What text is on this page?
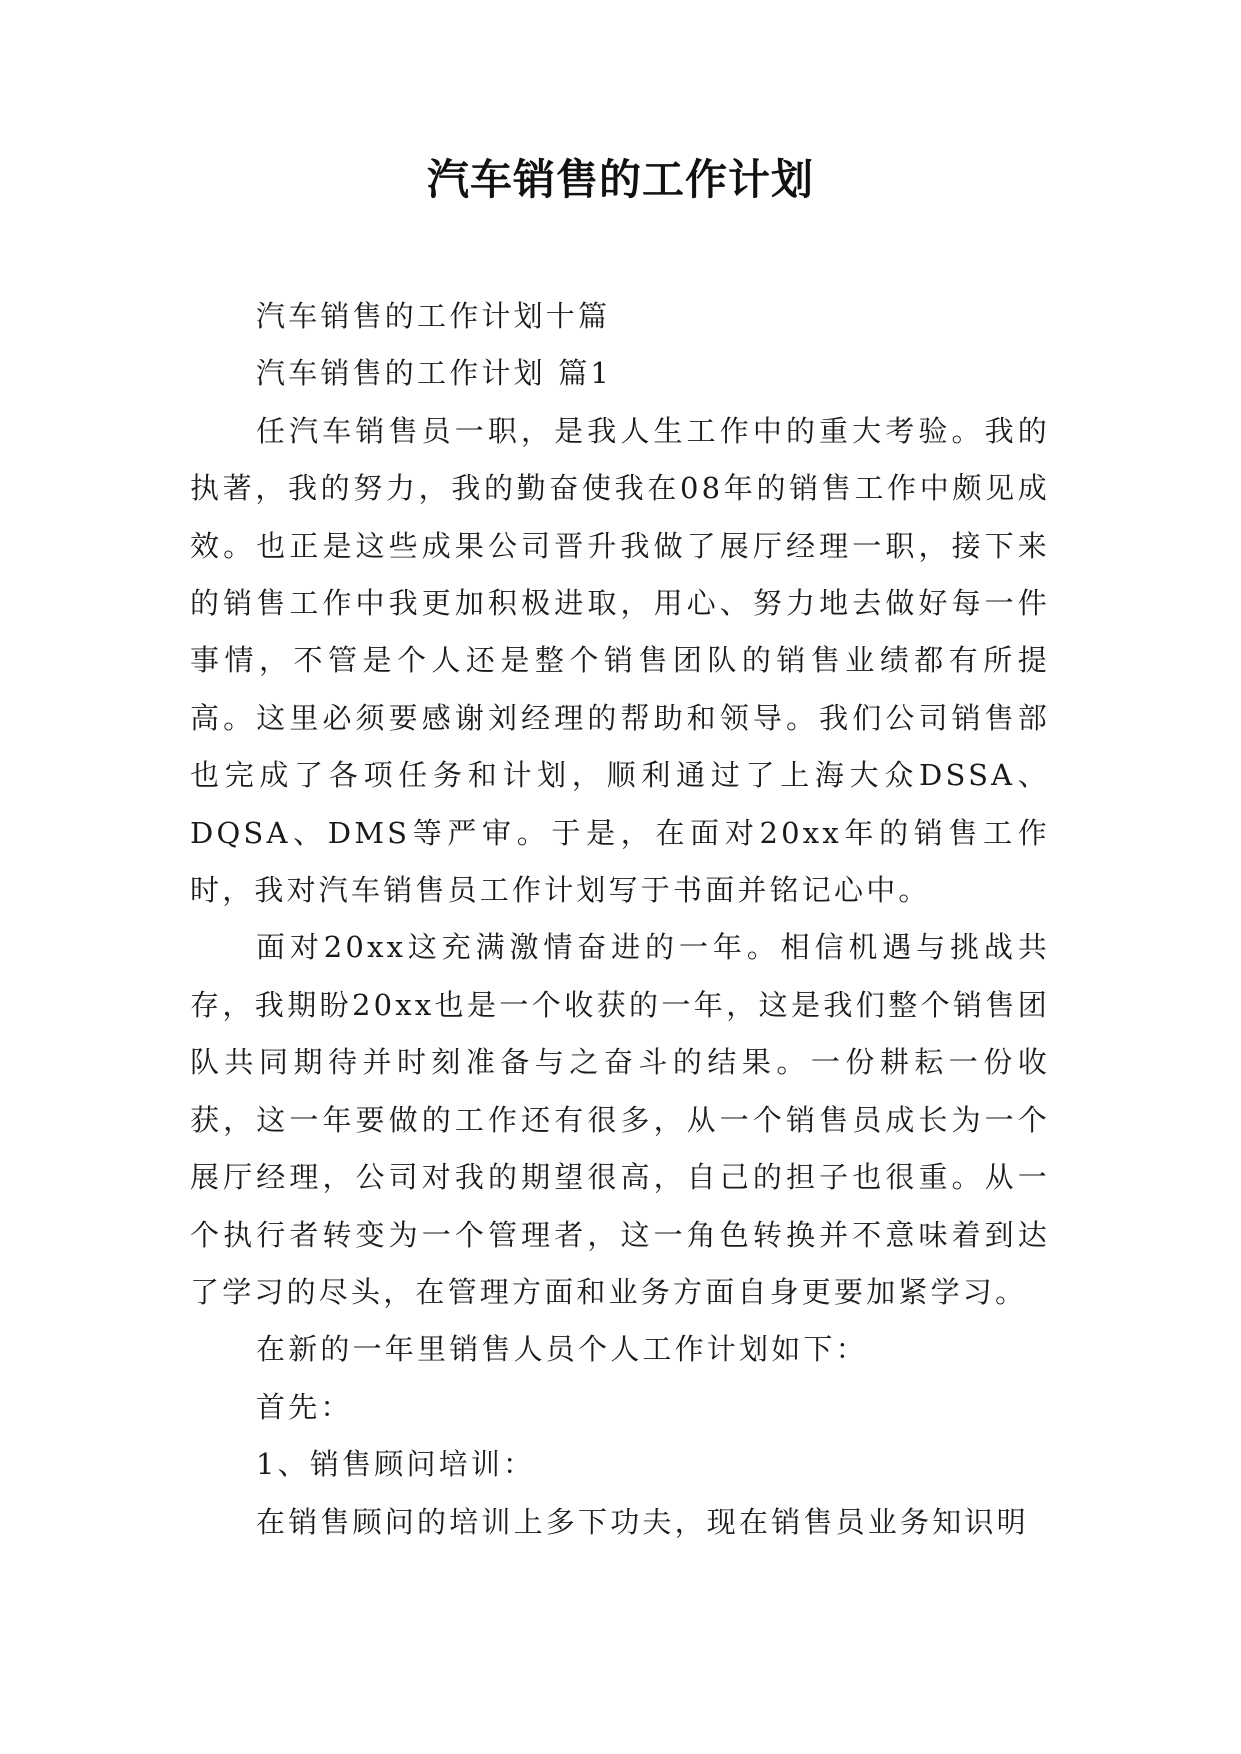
汽车销售的工作计划

汽车销售的工作计划十篇

汽车销售的工作计划 篇1

任汽车销售员一职，是我人生工作中的重大考验。我的执著，我的努力，我的勤奋使我在08年的销售工作中颇见成效。也正是这些成果公司晋升我做了展厅经理一职，接下来的销售工作中我更加积极进取，用心、努力地去做好每一件事情，不管是个人还是整个销售团队的销售业绩都有所提高。这里必须要感谢刘经理的帮助和领导。我们公司销售部也完成了各项任务和计划，顺利通过了上海大众DSSA、DQSA、DMS等严审。于是，在面对20xx年的销售工作时，我对汽车销售员工作计划写于书面并铭记心中。

面对20xx这充满激情奋进的一年。相信机遇与挑战共存，我期盼20xx也是一个收获的一年，这是我们整个销售团队共同期待并时刻准备与之奋斗的结果。一份耕耘一份收获，这一年要做的工作还有很多，从一个销售员成长为一个展厅经理，公司对我的期望很高，自己的担子也很重。从一个执行者转变为一个管理者，这一角色转换并不意味着到达了学习的尽头，在管理方面和业务方面自身更要加紧学习。

在新的一年里销售人员个人工作计划如下：

首先：

1、销售顾问培训：

在销售顾问的培训上多下功夫，现在销售员业务知识明
